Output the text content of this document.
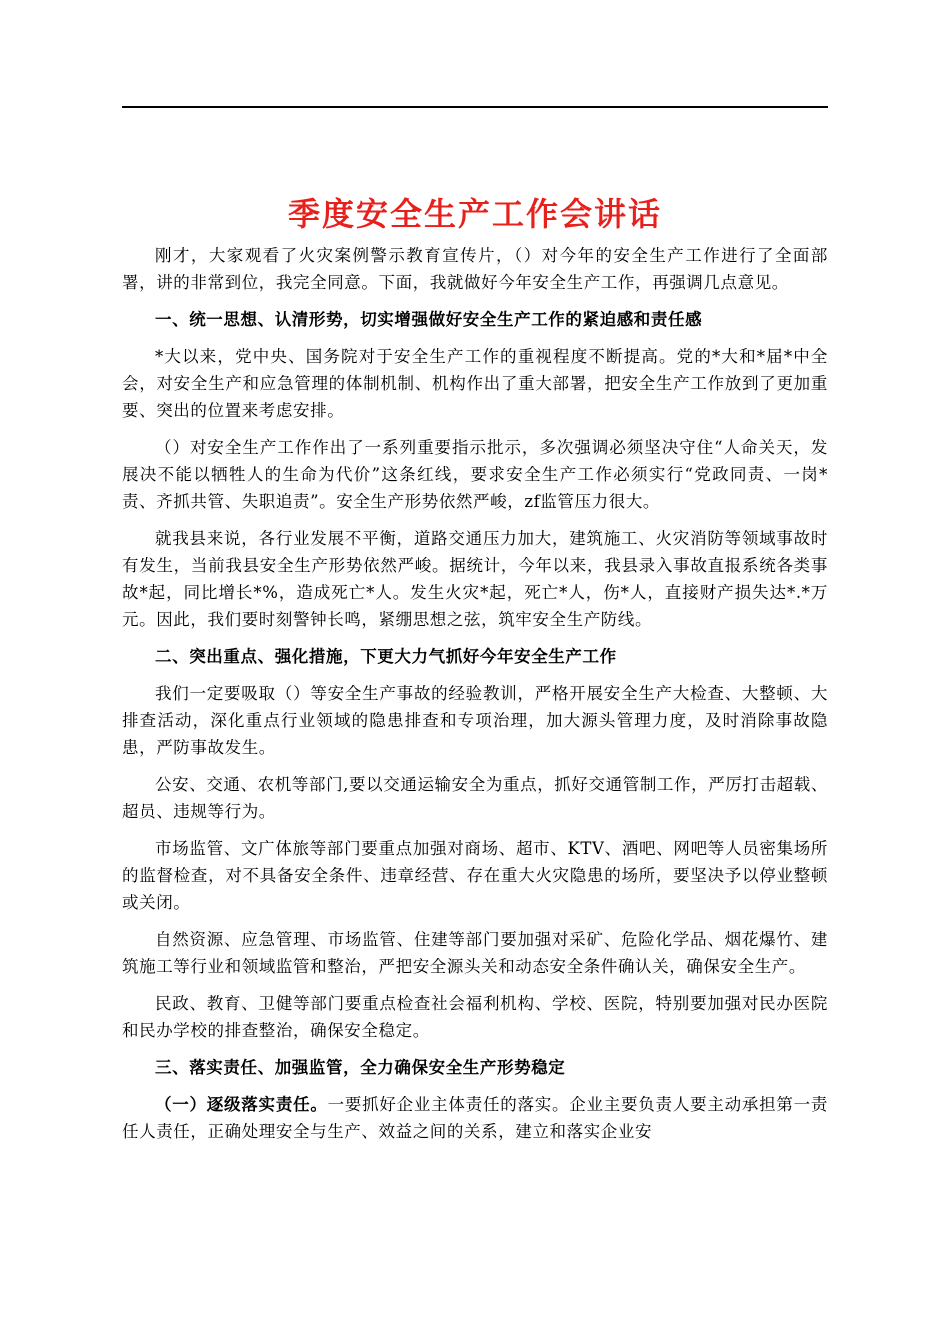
季度安全生产工作会讲话

刚才，大家观看了火灾案例警示教育宣传片，（）对今年的安全生产工作进行了全面部署，讲的非常到位，我完全同意。下面，我就做好今年安全生产工作，再强调几点意见。

一、统一思想、认清形势，切实增强做好安全生产工作的紧迫感和责任感

*大以来，党中央、国务院对于安全生产工作的重视程度不断提高。党的*大和*届*中全会，对安全生产和应急管理的体制机制、机构作出了重大部署，把安全生产工作放到了更加重要、突出的位置来考虑安排。

（）对安全生产工作作出了一系列重要指示批示，多次强调必须坚决守住“人命关天，发展决不能以牺牲人的生命为代价”这条红线，要求安全生产工作必须实行“党政同责、一岗*责、齐抓共管、失职追责”。安全生产形势依然严峻，zf监管压力很大。

就我县来说，各行业发展不平衡，道路交通压力加大，建筑施工、火灾消防等领域事故时有发生，当前我县安全生产形势依然严峻。据统计，今年以来，我县录入事故直报系统各类事故*起，同比增长*%，造成死亡*人。发生火灾*起，死亡*人，伤*人，直接财产损失达*.*万元。因此，我们要时刻警钟长鸣，紧绷思想之弦，筑牢安全生产防线。

二、突出重点、强化措施，下更大力气抓好今年安全生产工作

我们一定要吸取（）等安全生产事故的经验教训，严格开展安全生产大检查、大整顿、大排查活动，深化重点行业领域的隐患排查和专项治理，加大源头管理力度，及时消除事故隐患，严防事故发生。

公安、交通、农机等部门,要以交通运输安全为重点，抓好交通管制工作，严厉打击超载、超员、违规等行为。

市场监管、文广体旅等部门要重点加强对商场、超市、KTV、酒吧、网吧等人员密集场所的监督检查，对不具备安全条件、违章经营、存在重大火灾隐患的场所，要坚决予以停业整顿或关闭。

自然资源、应急管理、市场监管、住建等部门要加强对采矿、危险化学品、烟花爆竹、建筑施工等行业和领域监管和整治，严把安全源头关和动态安全条件确认关，确保安全生产。

民政、教育、卫健等部门要重点检查社会福利机构、学校、医院，特别要加强对民办医院和民办学校的排查整治，确保安全稳定。

三、落实责任、加强监管，全力确保安全生产形势稳定

（一）逐级落实责任。一要抓好企业主体责任的落实。企业主要负责人要主动承担第一责任人责任，正确处理安全与生产、效益之间的关系，建立和落实企业安
